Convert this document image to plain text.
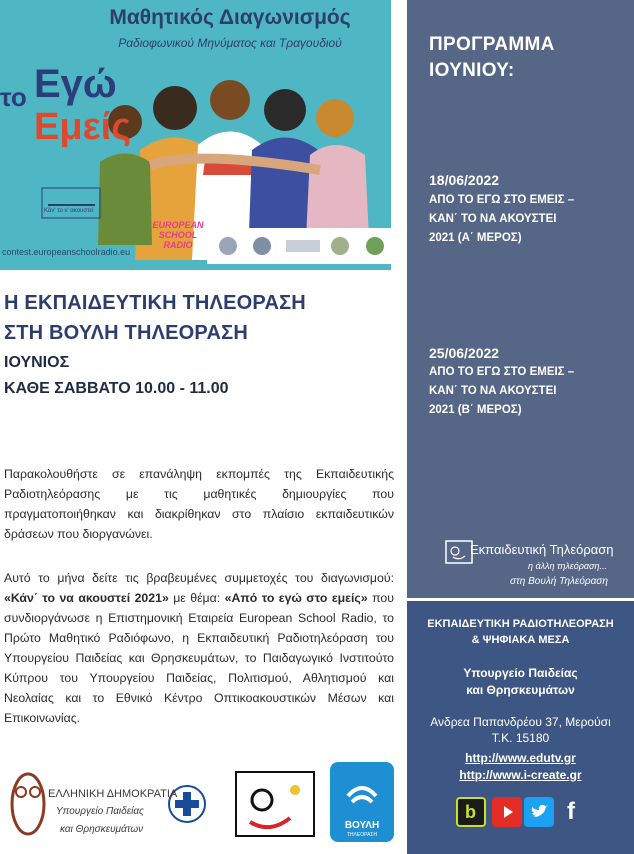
Μαθητικός Διαγωνισμός
Ραδιοφωνικού Μηνύματος και Τραγουδιού
το Εγώ
Εμείς
Κάν' το ν' ακουστεί
EUROPEAN SCHOOL RADIO
contest.europeanschoolradio.eu
Η ΕΚΠΑΙΔΕΥΤΙΚΗ ΤΗΛΕΟΡΑΣΗ
ΣΤΗ ΒΟΥΛΗ ΤΗΛΕΟΡΑΣΗ
ΙΟΥΝΙΟΣ
ΚΑΘΕ ΣΑΒΒΑΤΟ 10.00 - 11.00
Παρακολουθήστε σε επανάληψη εκπομπές της Εκπαιδευτικής Ραδιοτηλεόρασης με τις μαθητικές δημιουργίες που πραγματοποιήθηκαν και διακρίθηκαν στο πλαίσιο εκπαιδευτικών δράσεων που διοργανώνει.
Αυτό το μήνα δείτε τις βραβευμένες συμμετοχές του διαγωνισμού: «Κάν΄ το να ακουστεί 2021» με θέμα: «Από το εγώ στο εμείς» που συνδιοργάνωσε η Επιστημονική Εταιρεία European School Radio, το Πρώτο Μαθητικό Ραδιόφωνο, η Εκπαιδευτική Ραδιοτηλεόραση του Υπουργείου Παιδείας και Θρησκευμάτων, το Παιδαγωγικό Ινστιτούτο Κύπρου του Υπουργείου Παιδείας, Πολιτισμού, Αθλητισμού και Νεολαίας και το Εθνικό Κέντρο Οπτικοακουστικών Μέσων και Επικοινωνίας.
ΕΛΛΗΝΙΚΗ ΔΗΜΟΚΡΑΤΙΑ
Υπουργείο Παιδείας
και Θρησκευμάτων	ΒΟΥΛΗ
ΤΗΛΕΟΡΑΣΗ
ΠΡΟΓΡΑΜΜΑ
ΙΟΥΝΙΟΥ:
18/06/2022
ΑΠΟ ΤΟ ΕΓΩ ΣΤΟ ΕΜΕΙΣ –
ΚΑΝ΄ ΤΟ ΝΑ ΑΚΟΥΣΤΕΙ
2021 (Α΄ ΜΕΡΟΣ)
25/06/2022
ΑΠΟ ΤΟ ΕΓΩ ΣΤΟ ΕΜΕΙΣ –
ΚΑΝ΄ ΤΟ ΝΑ ΑΚΟΥΣΤΕΙ
2021 (Β΄ ΜΕΡΟΣ)
Εκπαιδευτική Τηλεόραση
η άλλη τηλεόραση...
στη Βουλή Τηλεόραση
ΕΚΠΑΙΔΕΥΤΙΚΗ ΡΑΔΙΟΤΗΛΕΟΡΑΣΗ
& ΨΗΦΙΑΚΑ ΜΕΣΑ
Υπουργείο Παιδείας
και Θρησκευμάτων
Ανδρεα Παπανδρέου 37, Μερούσι
Τ.Κ. 15180
http://www.edutv.gr
http://www.i-create.gr
b	f
